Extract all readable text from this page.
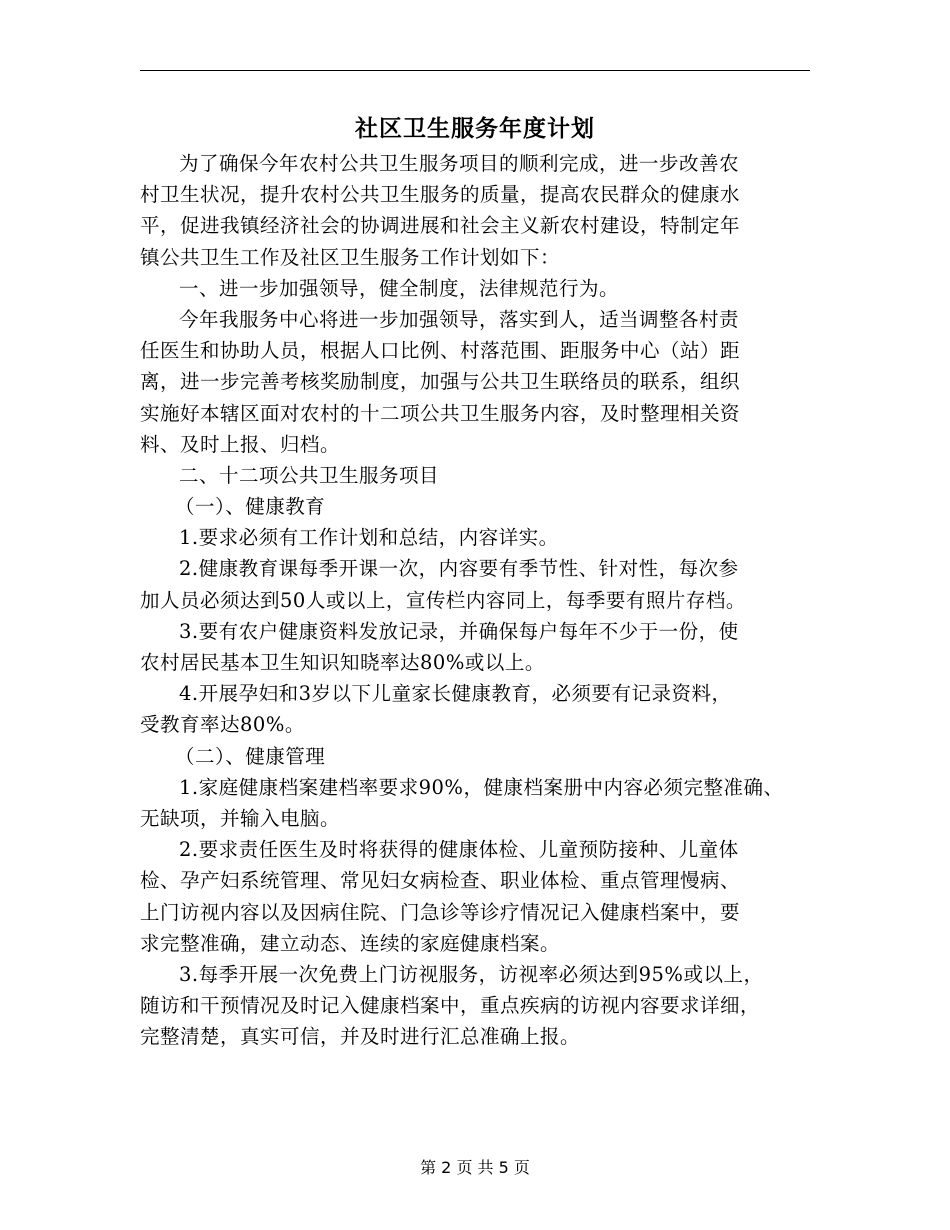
社区卫生服务年度计划
为了确保今年农村公共卫生服务项目的顺利完成，进一步改善农
村卫生状况，提升农村公共卫生服务的质量，提高农民群众的健康水
平，促进我镇经济社会的协调进展和社会主义新农村建设，特制定年
镇公共卫生工作及社区卫生服务工作计划如下：
一、进一步加强领导，健全制度，法律规范行为。
今年我服务中心将进一步加强领导，落实到人，适当调整各村责
任医生和协助人员，根据人口比例、村落范围、距服务中心（站）距
离，进一步完善考核奖励制度，加强与公共卫生联络员的联系，组织
实施好本辖区面对农村的十二项公共卫生服务内容，及时整理相关资
料、及时上报、归档。
二、十二项公共卫生服务项目
（一）、健康教育
1.要求必须有工作计划和总结，内容详实。
2.健康教育课每季开课一次，内容要有季节性、针对性，每次参
加人员必须达到50人或以上，宣传栏内容同上，每季要有照片存档。
3.要有农户健康资料发放记录，并确保每户每年不少于一份，使
农村居民基本卫生知识知晓率达80%或以上。
4.开展孕妇和3岁以下儿童家长健康教育，必须要有记录资料，
受教育率达80%。
（二）、健康管理
1.家庭健康档案建档率要求90%，健康档案册中内容必须完整准确、
无缺项，并输入电脑。
2.要求责任医生及时将获得的健康体检、儿童预防接种、儿童体
检、孕产妇系统管理、常见妇女病检查、职业体检、重点管理慢病、
上门访视内容以及因病住院、门急诊等诊疗情况记入健康档案中，要
求完整准确，建立动态、连续的家庭健康档案。
3.每季开展一次免费上门访视服务，访视率必须达到95%或以上，
随访和干预情况及时记入健康档案中，重点疾病的访视内容要求详细，
完整清楚，真实可信，并及时进行汇总准确上报。
第 2 页 共 5 页
